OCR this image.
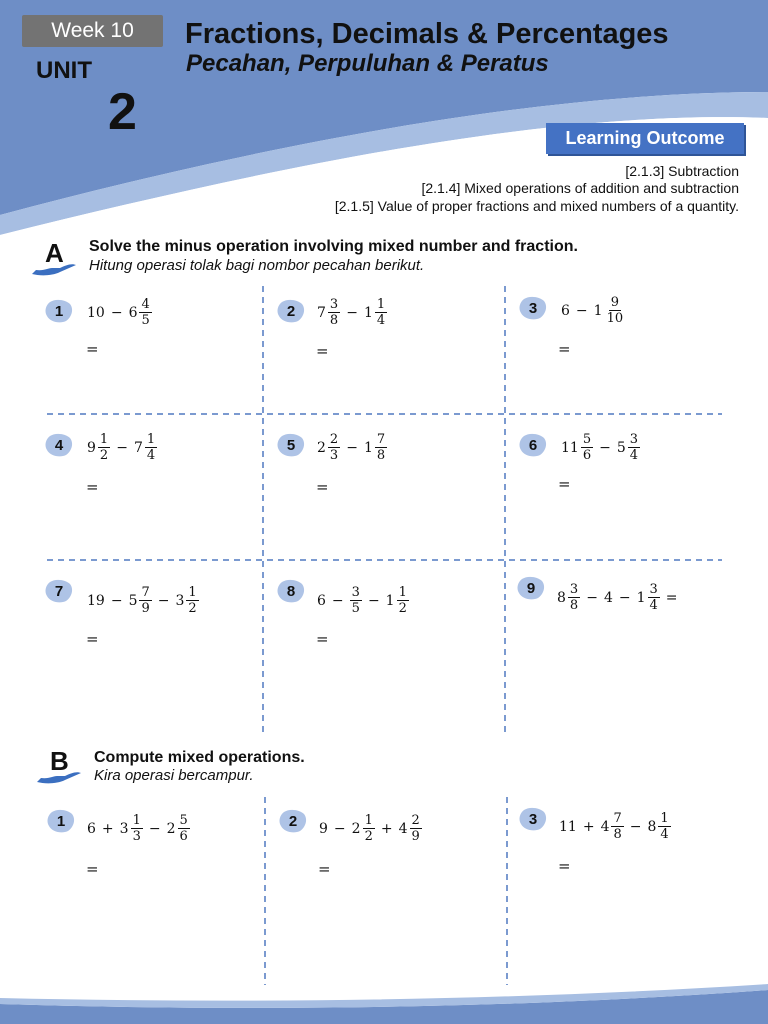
Week 10
UNIT
2
Fractions, Decimals & Percentages
Pecahan, Perpuluhan & Peratus
Learning Outcome
[2.1.3] Subtraction
[2.1.4] Mixed operations of addition and subtraction
[2.1.5] Value of proper fractions and mixed numbers of a quantity.
A Solve the minus operation involving mixed number and fraction.
Hitung operasi tolak bagi nombor pecahan berikut.
B Compute mixed operations.
Kira operasi bercampur.
1 $10 - 6 \frac{4}{5}$
=
2 $7 \frac{3}{8} - 1 \frac{1}{4}$
=
3 $6 - 1 \frac{9}{10}$
=
4 $9 \frac{1}{2} - 7 \frac{1}{4}$
=
5 $2 \frac{2}{3} - 1 \frac{7}{8}$
=
6 $11 \frac{5}{6} - 5 \frac{3}{4}$
=
7
$19 - 5 \frac{7}{9} - 3 \frac{1}{2}$
=
8
$6 - \frac{3}{5} - 1 \frac{1}{2}$
=
9
$8 \frac{3}{8} - 4 - 1 \frac{3}{4}$ =
1 $6 + 3 \frac{1}{3} - 2 \frac{5}{6}$
=
2 $9 - 2 \frac{1}{2} + 4 \frac{2}{9}$
=
3 $11 + 4 \frac{7}{8} - 8 \frac{1}{4}$
=
